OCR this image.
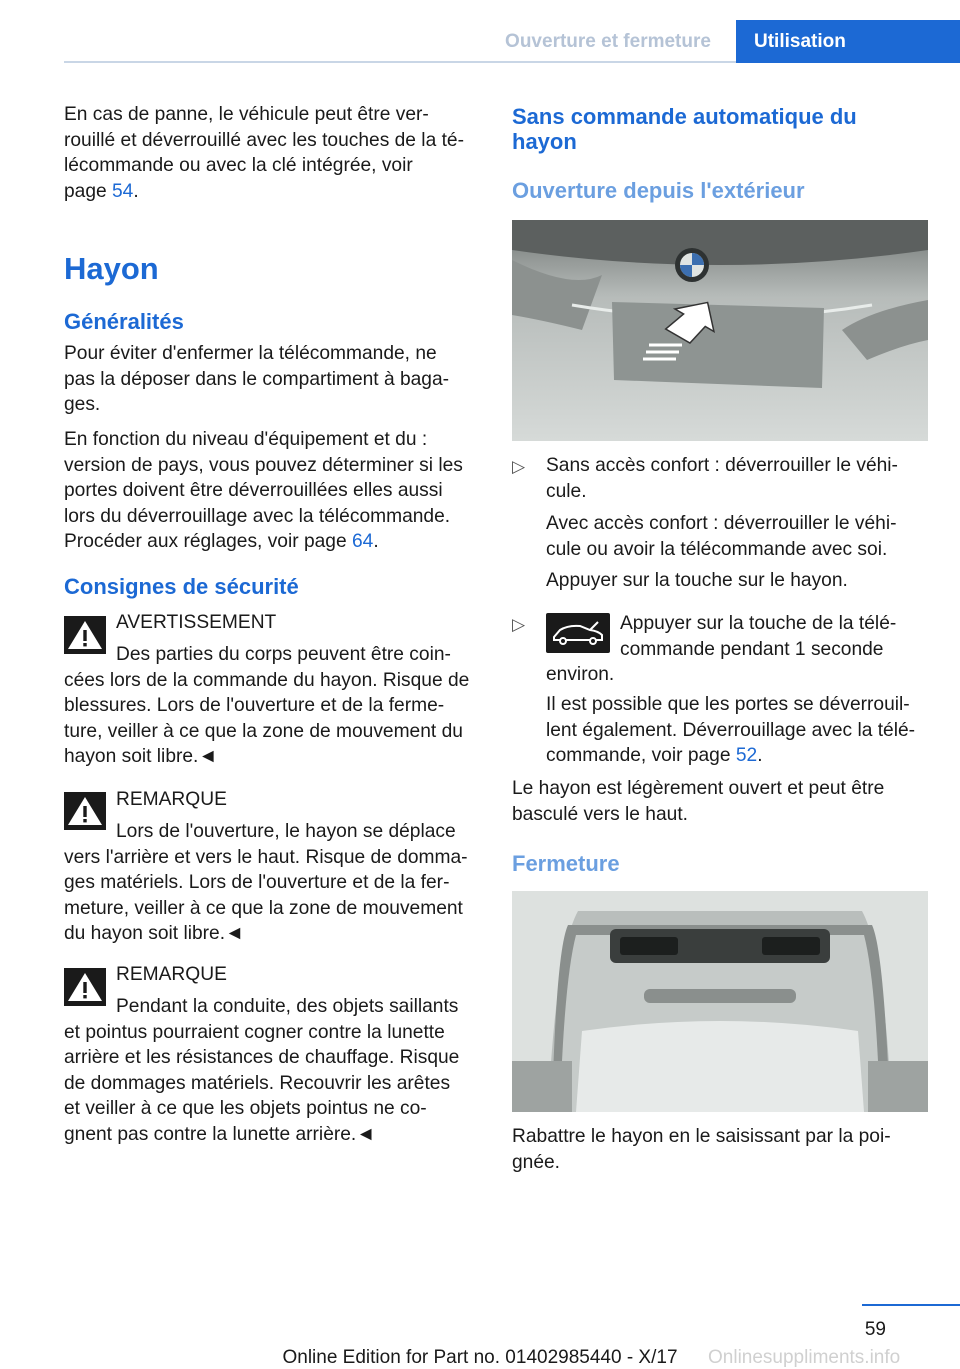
Ouverture et fermeture	Utilisation

En cas de panne, le véhicule peut être ver-

rouillé et déverrouillé avec les touches de la té-

lécommande ou avec la clé intégrée, voir

page 54.

Hayon
Généralités

Pour éviter d'enfermer la télécommande, ne

pas la déposer dans le compartiment à baga-

ges.

En fonction du niveau d'équipement et du :

version de pays, vous pouvez déterminer si les

portes doivent être déverrouillées elles aussi

lors du déverrouillage avec la télécommande.

Procéder aux réglages, voir page 64.

Consignes de sécurité

AVERTISSEMENT

Des parties du corps peuvent être coin-

cées lors de la commande du hayon. Risque de

blessures. Lors de l'ouverture et de la ferme-

ture, veiller à ce que la zone de mouvement du

hayon soit libre.◄

REMARQUE

Lors de l'ouverture, le hayon se déplace

vers l'arrière et vers le haut. Risque de domma-

ges matériels. Lors de l'ouverture et de la fer-

meture, veiller à ce que la zone de mouvement

du hayon soit libre.◄

REMARQUE

Pendant la conduite, des objets saillants

et pointus pourraient cogner contre la lunette

arrière et les résistances de chauffage. Risque

de dommages matériels. Recouvrir les arêtes

et veiller à ce que les objets pointus ne co-

gnent pas contre la lunette arrière.◄

Sans commande automatique du
hayon
Ouverture depuis l'extérieur
▷ Sans accès confort : déverrouiller le véhi-

cule.

Avec accès confort : déverrouiller le véhi-

cule ou avoir la télécommande avec soi.

Appuyer sur la touche sur le hayon.

▷	Appuyer sur la touche de la télé-

commande pendant 1 seconde

environ.

Il est possible que les portes se déverrouil-

lent également. Déverrouillage avec la télé-

commande, voir page 52.

Le hayon est légèrement ouvert et peut être

basculé vers le haut.

Fermeture

Rabattre le hayon en le saisissant par la poi-

gnée.

59
Online Edition for Part no. 01402985440 - X/17	Onlinesuppliments.info
